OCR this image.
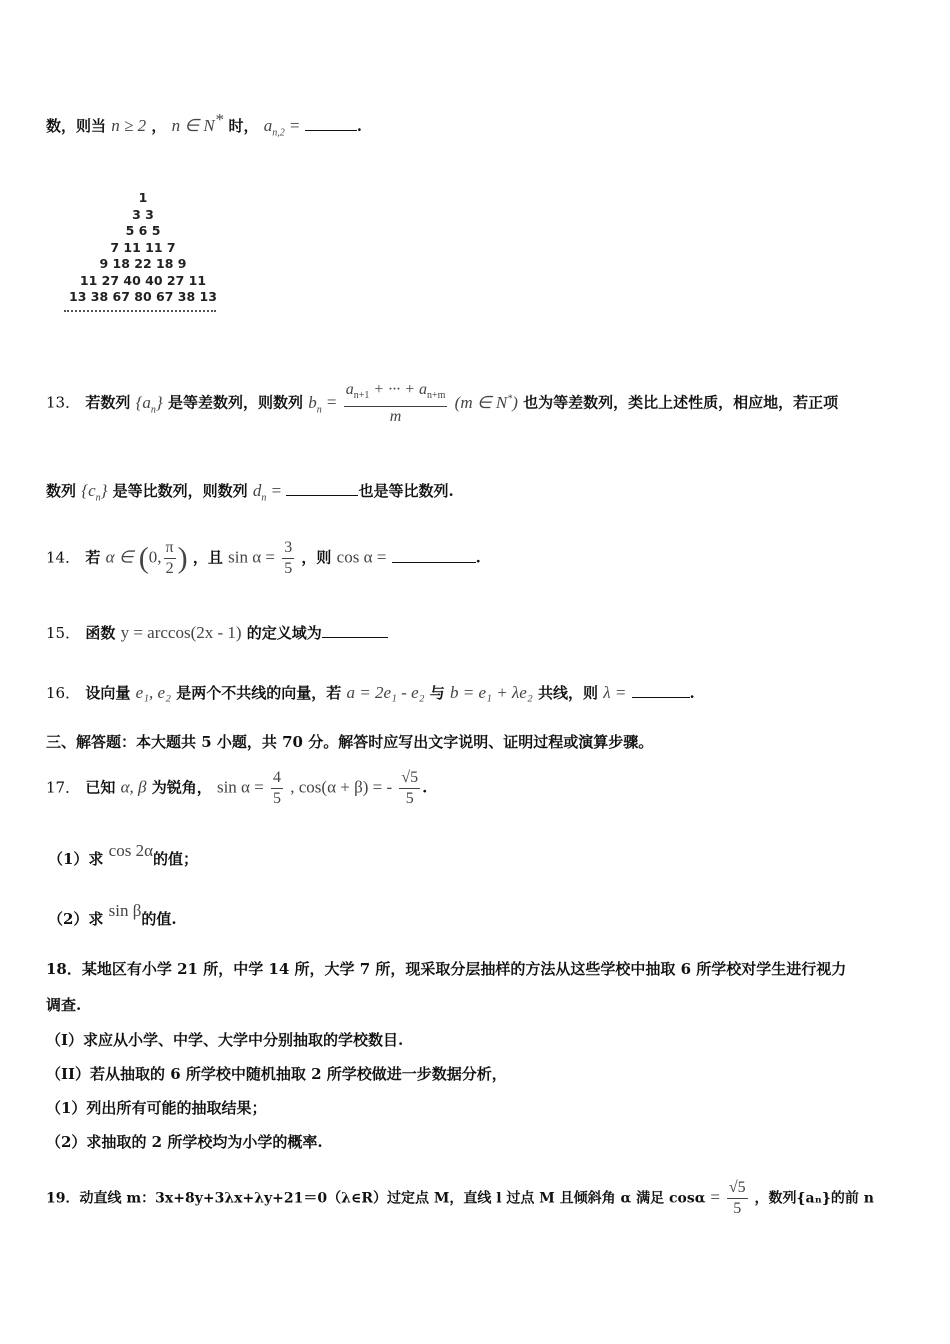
数，则当 n ≥ 2 ， n ∈ N* 时， $a_{n,2}$ =	.
1
3 3
5 6 5
7 11 11 7
9 18 22 18 9
11 27 40 40 27 11
13 38 67 80 67 38 13
13． 若数列 $\{a_n\}$ 是等差数列，则数列 $b_n = \frac{a_{n+1} + \cdot\cdot\cdot + a_{n+m}}{m} (m$ ∈ N*) 也为等差数列，类比上述性质，相应地，若正项
数列 $\{c_n\}$ 是等比数列，则数列 $d_n$ =	也是等比数列.
14． 若 α ∈ (0, $\frac{\pi}{2}$ ) ，且 $\sin \alpha = \frac{3}{5}$ ，则 cos α =	.
15． 函数 y = arccos(2x - 1) 的定义域为
16． 设向量 e₁, e₂ 是两个不共线的向量，若 a = 2e₁ - e₂ 与 b = e₁ + λe₂ 共线，则 λ =	.
三、解答题：本大题共 5 小题，共 70 分。解答时应写出文字说明、证明过程或演算步骤。
17． 已知 α, β 为锐角， $\sin \alpha = \frac{4}{5}$ , cos(α + β) = - $\frac{√5}{5}$ .
（1）求 cos 2α的值；
（2）求 sin β的值.
18．某地区有小学 21 所，中学 14 所，大学 7 所，现采取分层抽样的方法从这些学校中抽取 6 所学校对学生进行视力
调查.
（I）求应从小学、中学、大学中分别抽取的学校数目.
（II）若从抽取的 6 所学校中随机抽取 2 所学校做进一步数据分析，
（1）列出所有可能的抽取结果；
（2）求抽取的 2 所学校均为小学的概率.
19．动直线 m：3x+8y+3λx+λy+21＝0（λ∈R）过定点 M，直线 l 过点 M 且倾斜角 α 满足 $\cos\alpha = \frac{√5}{5}$ ，数列{aₙ}的前 n
